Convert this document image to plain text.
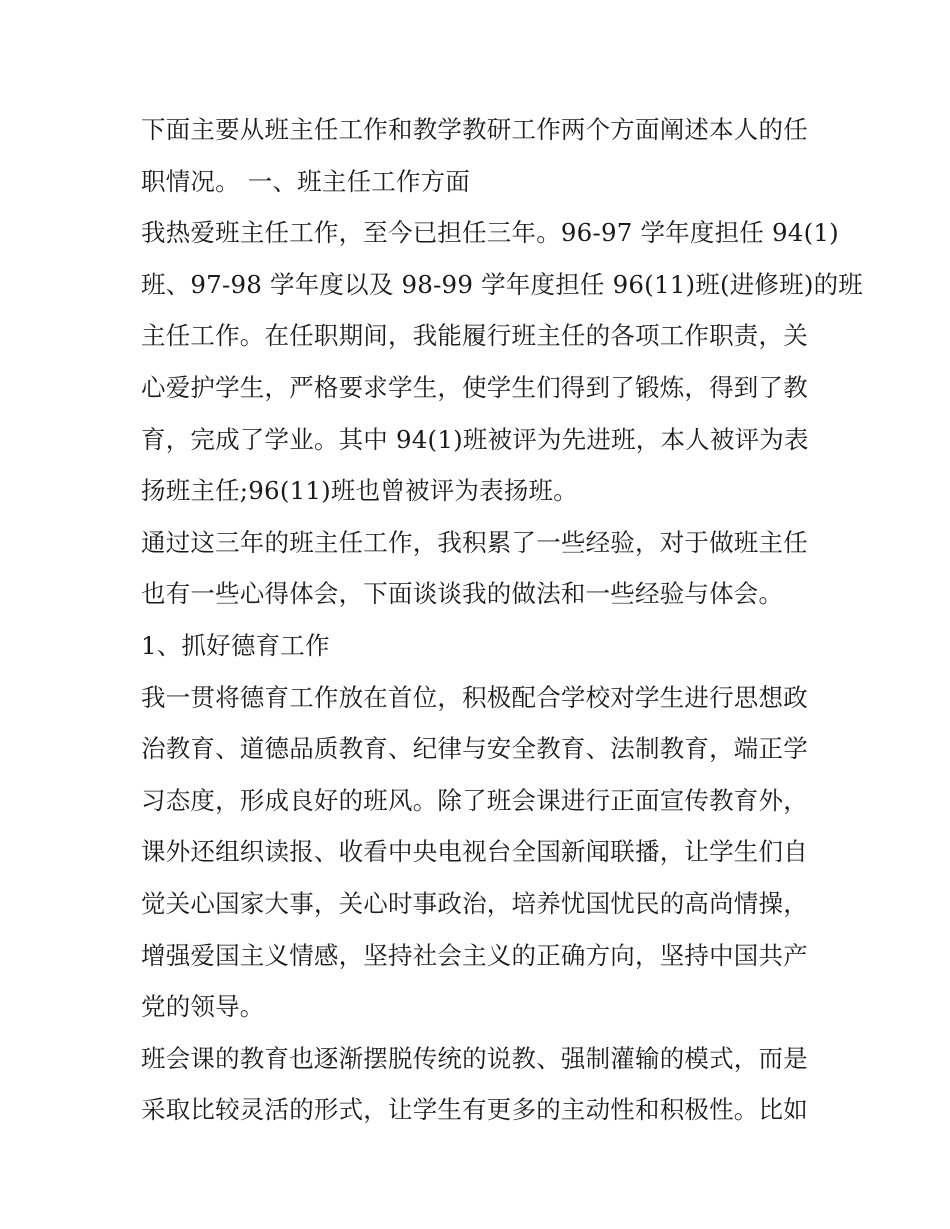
下面主要从班主任工作和教学教研工作两个方面阐述本人的任
职情况。 一、班主任工作方面
我热爱班主任工作，至今已担任三年。96-97 学年度担任 94(1)
班、97-98 学年度以及 98-99 学年度担任 96(11)班(进修班)的班
主任工作。在任职期间，我能履行班主任的各项工作职责，关
心爱护学生，严格要求学生，使学生们得到了锻炼，得到了教
育，完成了学业。其中 94(1)班被评为先进班，本人被评为表
扬班主任;96(11)班也曾被评为表扬班。
通过这三年的班主任工作，我积累了一些经验，对于做班主任
也有一些心得体会，下面谈谈我的做法和一些经验与体会。
1、抓好德育工作
我一贯将德育工作放在首位，积极配合学校对学生进行思想政
治教育、道德品质教育、纪律与安全教育、法制教育，端正学
习态度，形成良好的班风。除了班会课进行正面宣传教育外，
课外还组织读报、收看中央电视台全国新闻联播，让学生们自
觉关心国家大事，关心时事政治，培养忧国忧民的高尚情操，
增强爱国主义情感，坚持社会主义的正确方向，坚持中国共产
党的领导。
班会课的教育也逐渐摆脱传统的说教、强制灌输的模式，而是
采取比较灵活的形式，让学生有更多的主动性和积极性。比如
